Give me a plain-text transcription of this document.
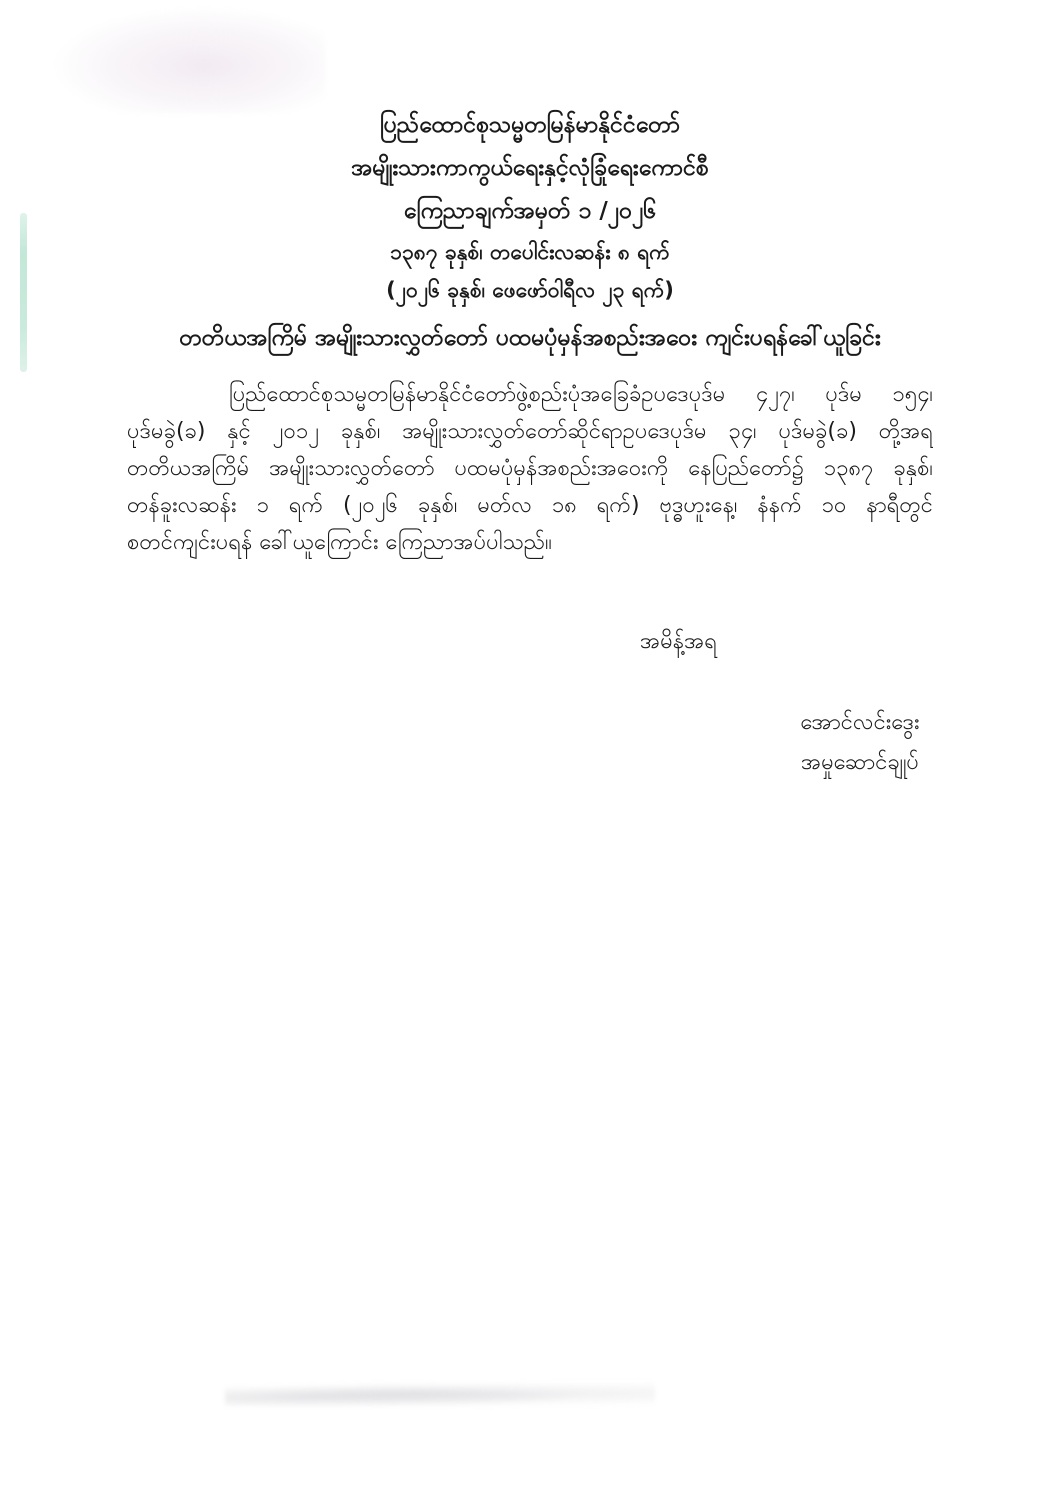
ပြည်ထောင်စုသမ္မတမြန်မာနိုင်ငံတော်
အမျိုးသားကာကွယ်ရေးနှင့်လုံခြုံရေးကောင်စီ
ကြေညာချက်အမှတ် ၁ /၂၀၂၆
၁၃၈၇ ခုနှစ်၊ တပေါင်းလဆန်း ၈ ရက်
(၂၀၂၆ ခုနှစ်၊ ဖေဖော်ဝါရီလ ၂၃ ရက်)
တတိယအကြိမ် အမျိုးသားလွှတ်တော် ပထမပုံမှန်အစည်းအဝေး ကျင်းပရန်ခေါ်ယူခြင်း
ပြည်ထောင်စုသမ္မတမြန်မာနိုင်ငံတော်ဖွဲ့စည်းပုံအခြေခံဥပဒေပုဒ်မ ၄၂၇၊ ပုဒ်မ ၁၅၄၊
ပုဒ်မခွဲ(ခ) နှင့် ၂၀၁၂ ခုနှစ်၊ အမျိုးသားလွှတ်တော်ဆိုင်ရာဥပဒေပုဒ်မ ၃၄၊ ပုဒ်မခွဲ(ခ) တို့အရ
တတိယအကြိမ် အမျိုးသားလွှတ်တော် ပထမပုံမှန်အစည်းအဝေးကို နေပြည်တော်၌ ၁၃၈၇ ခုနှစ်၊
တန်ခူးလဆန်း ၁ ရက် (၂၀၂၆ ခုနှစ်၊ မတ်လ ၁၈ ရက်) ဗုဒ္ဓဟူးနေ့၊ နံနက် ၁၀ နာရီတွင်
စတင်ကျင်းပရန် ခေါ်ယူကြောင်း ကြေညာအပ်ပါသည်။
အမိန့်အရ
အောင်လင်းဒွေး
အမှုဆောင်ချုပ်
